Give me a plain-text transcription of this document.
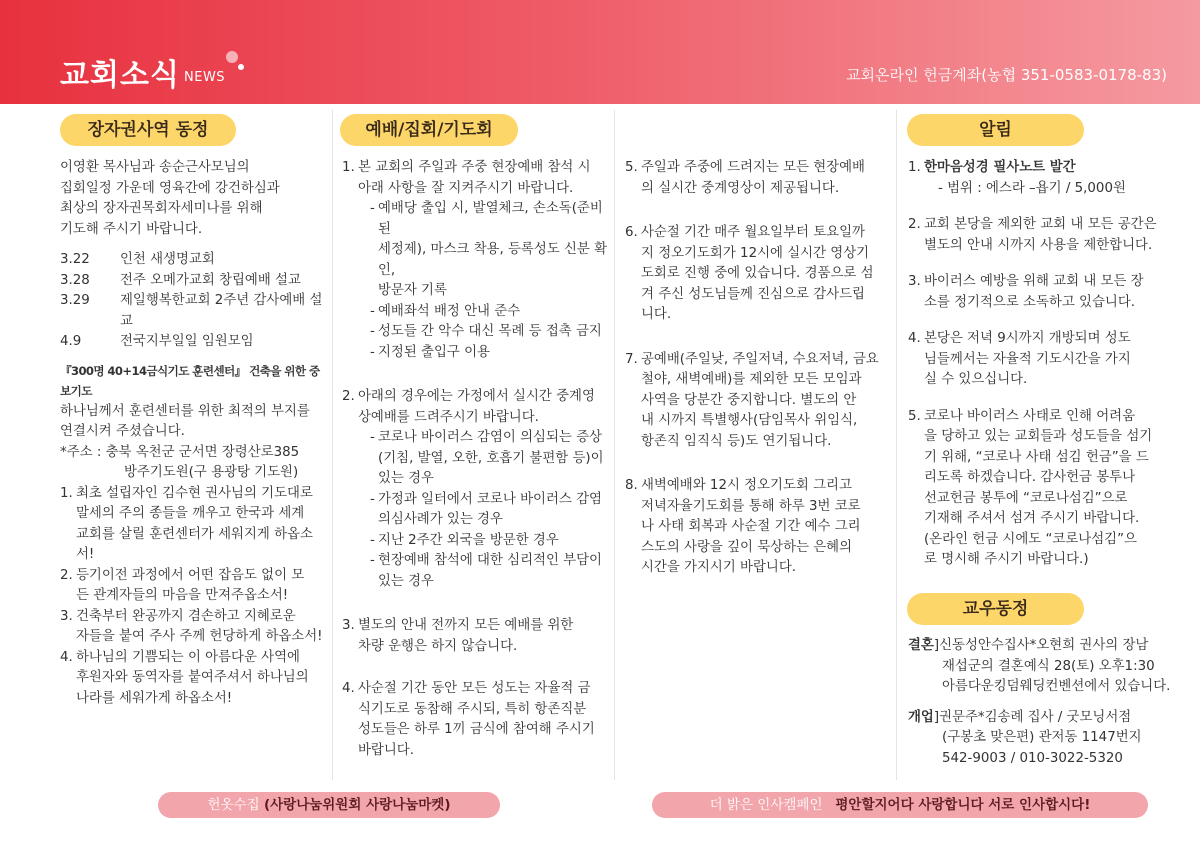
교회소식 NEWS	교회온라인 헌금계좌(농협 351-0583-0178-83)
장자권사역 동정	예배/집회/기도회	알림
교우동정

이영환 목사님과 송순근사모님의

집회일정 가운데 영육간에 강건하심과

최상의 장자권목회자세미나를 위해

기도해 주시기 바랍니다.

3.22	인천 새생명교회
3.28	전주 오메가교회 창립예배 설교
3.29	제일행복한교회 2주년 감사예배 설교
4.9	전국지부일일 임원모임

『300명 40+14금식기도 훈련센터』 건축을 위한 중보기도

하나님께서 훈련센터를 위한 최적의 부지를

연결시켜 주셨습니다.

*주소 : 충북 옥천군 군서면 장령산로385

방주기도원(구 용광탕 기도원)

1. 최초 설립자인 김수현 권사님의 기도대로

말세의 주의 종들을 깨우고 한국과 세계

교회를 살릴 훈련센터가 세워지게 하옵소서!

2. 등기이전 과정에서 어떤 잡음도 없이 모

든 관계자들의 마음을 만져주옵소서!

3. 건축부터 완공까지 겸손하고 지혜로운

자들을 붙여 주사 주께 헌당하게 하옵소서!

4. 하나님의 기쁨되는 이 아름다운 사역에

후원자와 동역자를 붙여주셔서 하나님의

나라를 세워가게 하옵소서!

1. 본 교회의 주일과 주중 현장예배 참석 시

아래 사항을 잘 지켜주시기 바랍니다.

- 예배당 출입 시, 발열체크, 손소독(준비된

세정제), 마스크 착용, 등록성도 신분 확인,

방문자 기록

- 예배좌석 배정 안내 준수

- 성도들 간 악수 대신 목례 등 접촉 금지

- 지정된 출입구 이용

2. 아래의 경우에는 가정에서 실시간 중계영

상예배를 드려주시기 바랍니다.

- 코로나 바이러스 감염이 의심되는 증상

(기침, 발열, 오한, 호흡기 불편함 등)이

있는 경우

- 가정과 일터에서 코로나 바이러스 감염

의심사례가 있는 경우

- 지난 2주간 외국을 방문한 경우

- 현장예배 참석에 대한 심리적인 부담이

있는 경우

3. 별도의 안내 전까지 모든 예배를 위한

차량 운행은 하지 않습니다.

4. 사순절 기간 동안 모든 성도는 자율적 금

식기도로 동참해 주시되, 특히 항존직분

성도들은 하루 1끼 금식에 참여해 주시기

바랍니다.

5. 주일과 주중에 드려지는 모든 현장예배

의 실시간 중계영상이 제공됩니다.

6. 사순절 기간 매주 월요일부터 토요일까

지 정오기도회가 12시에 실시간 영상기

도회로 진행 중에 있습니다. 경품으로 섬

겨 주신 성도님들께 진심으로 감사드립

니다.

7. 공예배(주일낮, 주일저녁, 수요저녁, 금요

철야, 새벽예배)를 제외한 모든 모임과

사역을 당분간 중지합니다. 별도의 안

내 시까지 특별행사(담임목사 위임식,

항존직 임직식 등)도 연기됩니다.

8. 새벽예배와 12시 정오기도회 그리고

저녁자율기도회를 통해 하루 3번 코로

나 사태 회복과 사순절 기간 예수 그리

스도의 사랑을 깊이 묵상하는 은혜의

시간을 가지시기 바랍니다.

1. 한마음성경 필사노트 발간

- 범위 : 에스라 –욥기 / 5,000원

2. 교회 본당을 제외한 교회 내 모든 공간은

별도의 안내 시까지 사용을 제한합니다.

3. 바이러스 예방을 위해 교회 내 모든 장

소를 정기적으로 소독하고 있습니다.

4. 본당은 저녁 9시까지 개방되며 성도

님들께서는 자율적 기도시간을 가지

실 수 있으십니다.

5. 코로나 바이러스 사태로 인해 어려움

을 당하고 있는 교회들과 성도들을 섬기

기 위해, “코로나 사태 섬김 헌금”을 드

리도록 하겠습니다. 감사헌금 봉투나

선교헌금 봉투에 “코로나섬김”으로

기재해 주셔서 섬겨 주시기 바랍니다.

(온라인 헌금 시에도 “코로나섬김”으

로 명시해 주시기 바랍니다.)

결혼]신동성안수집사*오현희 권사의 장남

재섭군의 결혼예식 28(토) 오후1:30

아름다운킹덤웨딩컨벤션에서 있습니다.

개업]권문주*김송례 집사 / 굿모닝서점

(구봉초 맞은편) 관저동 1147번지

542-9003 / 010-3022-5320

헌옷수집 (사랑나눔위원회 사랑나눔마켓)	더 밝은 인사캠페인 평안할지어다 사랑합니다 서로 인사합시다!
